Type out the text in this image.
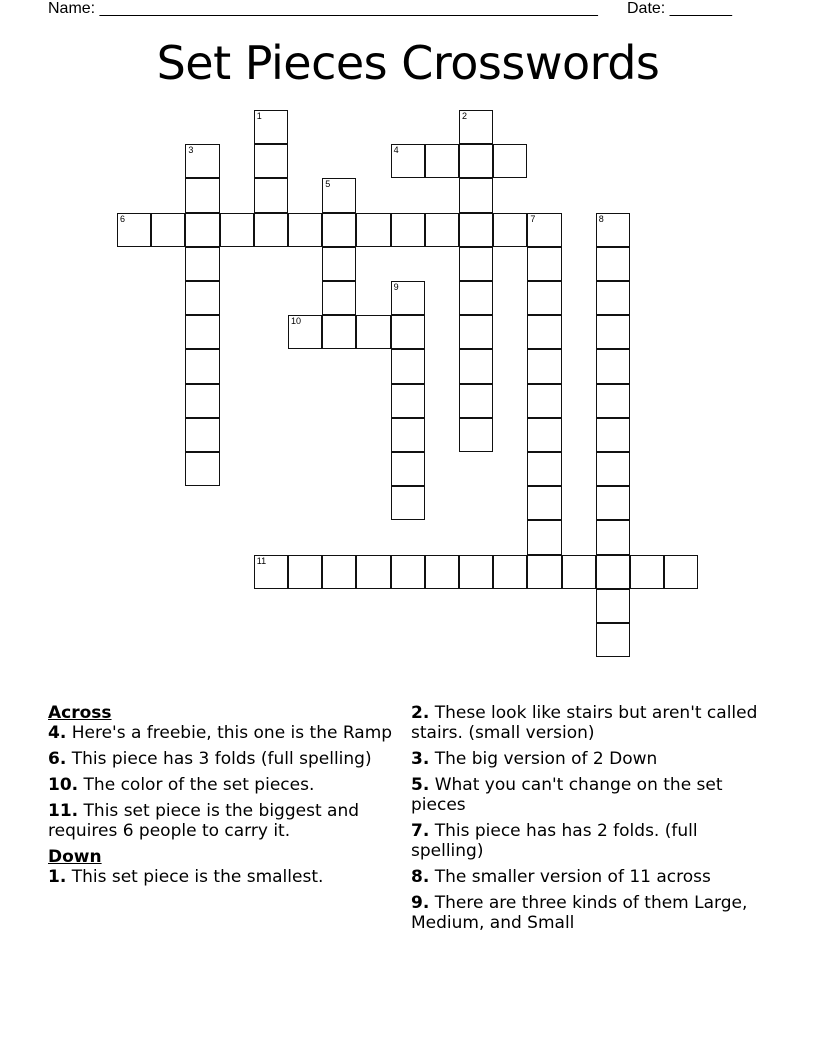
Name: ________________________________________________________ Date: _______
Set Pieces Crosswords
4
6	7
10
11
1	2
3
5
8
9
Across
4. Here's a freebie, this one is the Ramp
6. This piece has 3 folds (full spelling)
10. The color of the set pieces.
11. This set piece is the biggest and requires 6 people to carry it.
Down
1. This set piece is the smallest.
2. These look like stairs but aren't called stairs. (small version)
3. The big version of 2 Down
5. What you can't change on the set pieces
7. This piece has has 2 folds. (full spelling)
8. The smaller version of 11 across
9. There are three kinds of them Large, Medium, and Small
